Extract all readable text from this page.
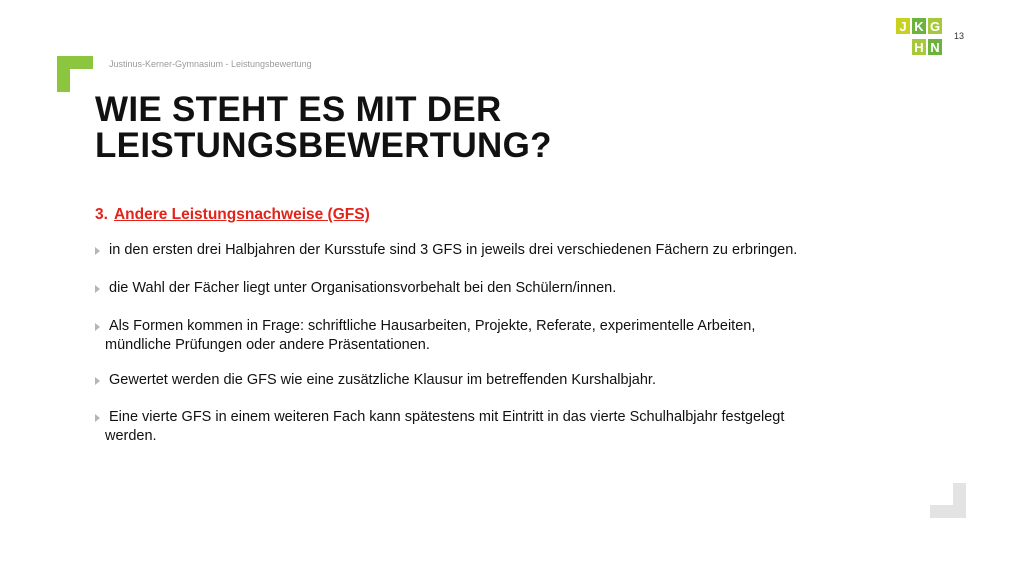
J K G
H N
13
Justinus-Kerner-Gymnasium - Leistungsbewertung
WIE STEHT ES MIT DER
LEISTUNGSBEWERTUNG?
3. Andere Leistungsnachweise (GFS)
in den ersten drei Halbjahren der Kursstufe sind 3 GFS in jeweils drei verschiedenen Fächern zu erbringen.
die Wahl der Fächer liegt unter Organisationsvorbehalt bei den Schülern/innen.
Als Formen kommen in Frage: schriftliche Hausarbeiten, Projekte, Referate, experimentelle Arbeiten, mündliche Prüfungen oder andere Präsentationen.
Gewertet werden die GFS wie eine zusätzliche Klausur im betreffenden Kurshalbjahr.
Eine vierte GFS in einem weiteren Fach kann spätestens mit Eintritt in das vierte Schulhalbjahr festgelegt werden.
